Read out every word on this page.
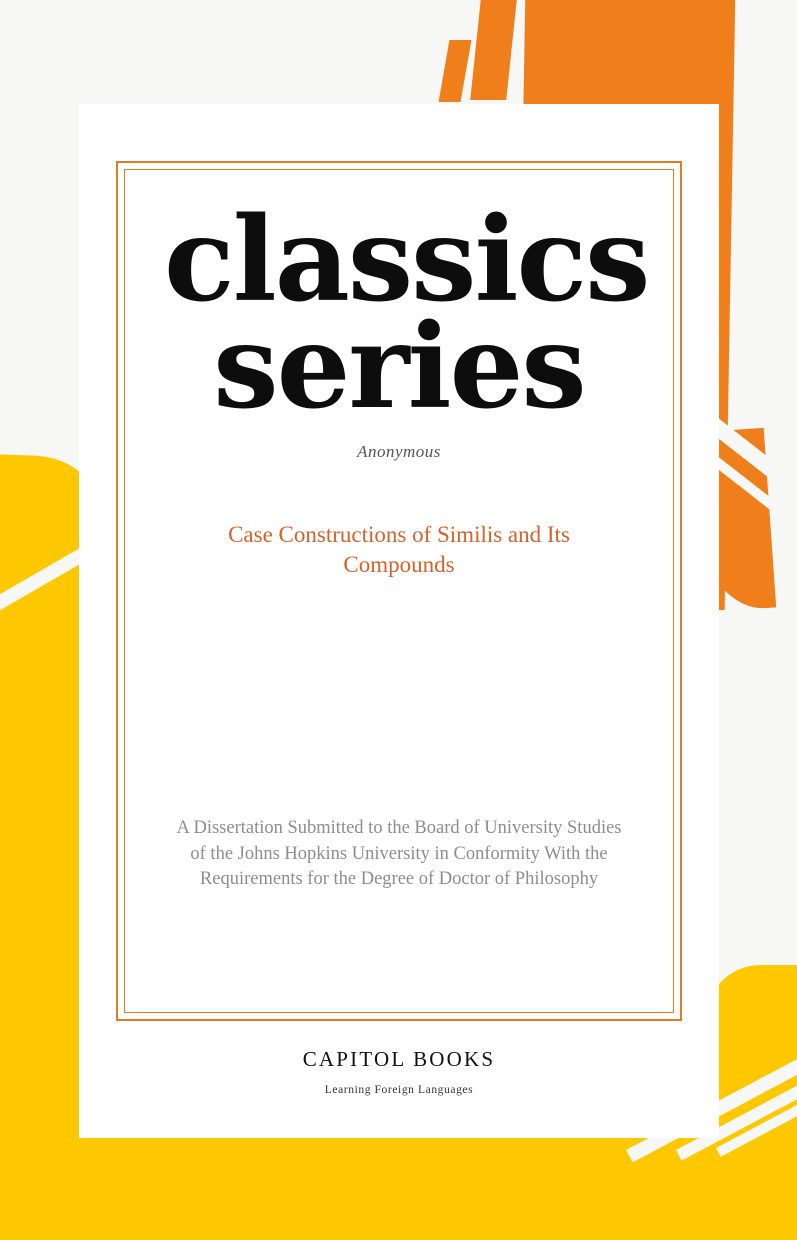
classics
series
Anonymous
Case Constructions of Similis and Its Compounds
A Dissertation Submitted to the Board of University Studies of the Johns Hopkins University in Conformity With the Requirements for the Degree of Doctor of Philosophy
CAPITOL BOOKS
Learning Foreign Languages
